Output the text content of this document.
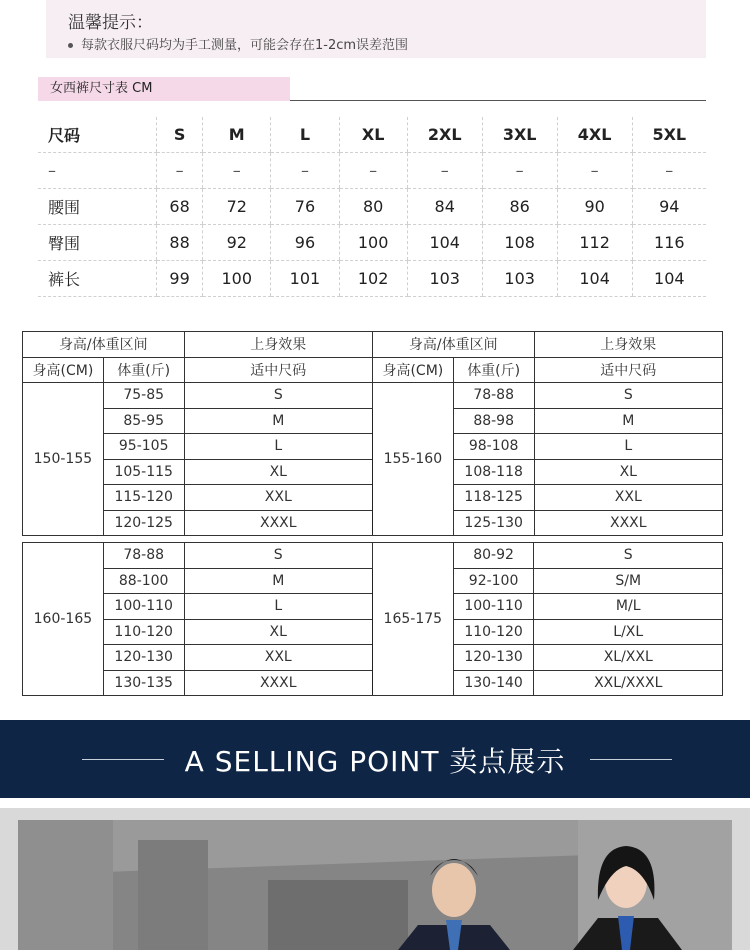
温馨提示：
每款衣服尺码均为手工测量，可能会存在1-2cm误差范围
女西裤尺寸表 CM
尺码	S	M	L	XL	2XL	3XL	4XL	5XL
–	–	–	–	–	–	–	–	–
腰围	68	72	76	80	84	86	90	94
臀围	88	92	96	100	104	108	112	116
裤长	99	100	101	102	103	103	104	104
身高/体重区间		上身效果	身高/体重区间		上身效果
身高(CM)	体重(斤)	适中尺码	身高(CM)	体重(斤)	适中尺码
150-155	75-85	S	155-160	78-88	S
	85-95	M		88-98	M
	95-105	L		98-108	L
	105-115	XL		108-118	XL
	115-120	XXL		118-125	XXL
	120-125	XXXL		125-130	XXXL
160-165	78-88	S	165-175	80-92	S
	88-100	M		92-100	S/M
	100-110	L		100-110	M/L
	110-120	XL		110-120	L/XL
	120-130	XXL		120-130	XL/XXL
	130-135	XXXL		130-140	XXL/XXXL
A SELLING POINT 卖点展示
